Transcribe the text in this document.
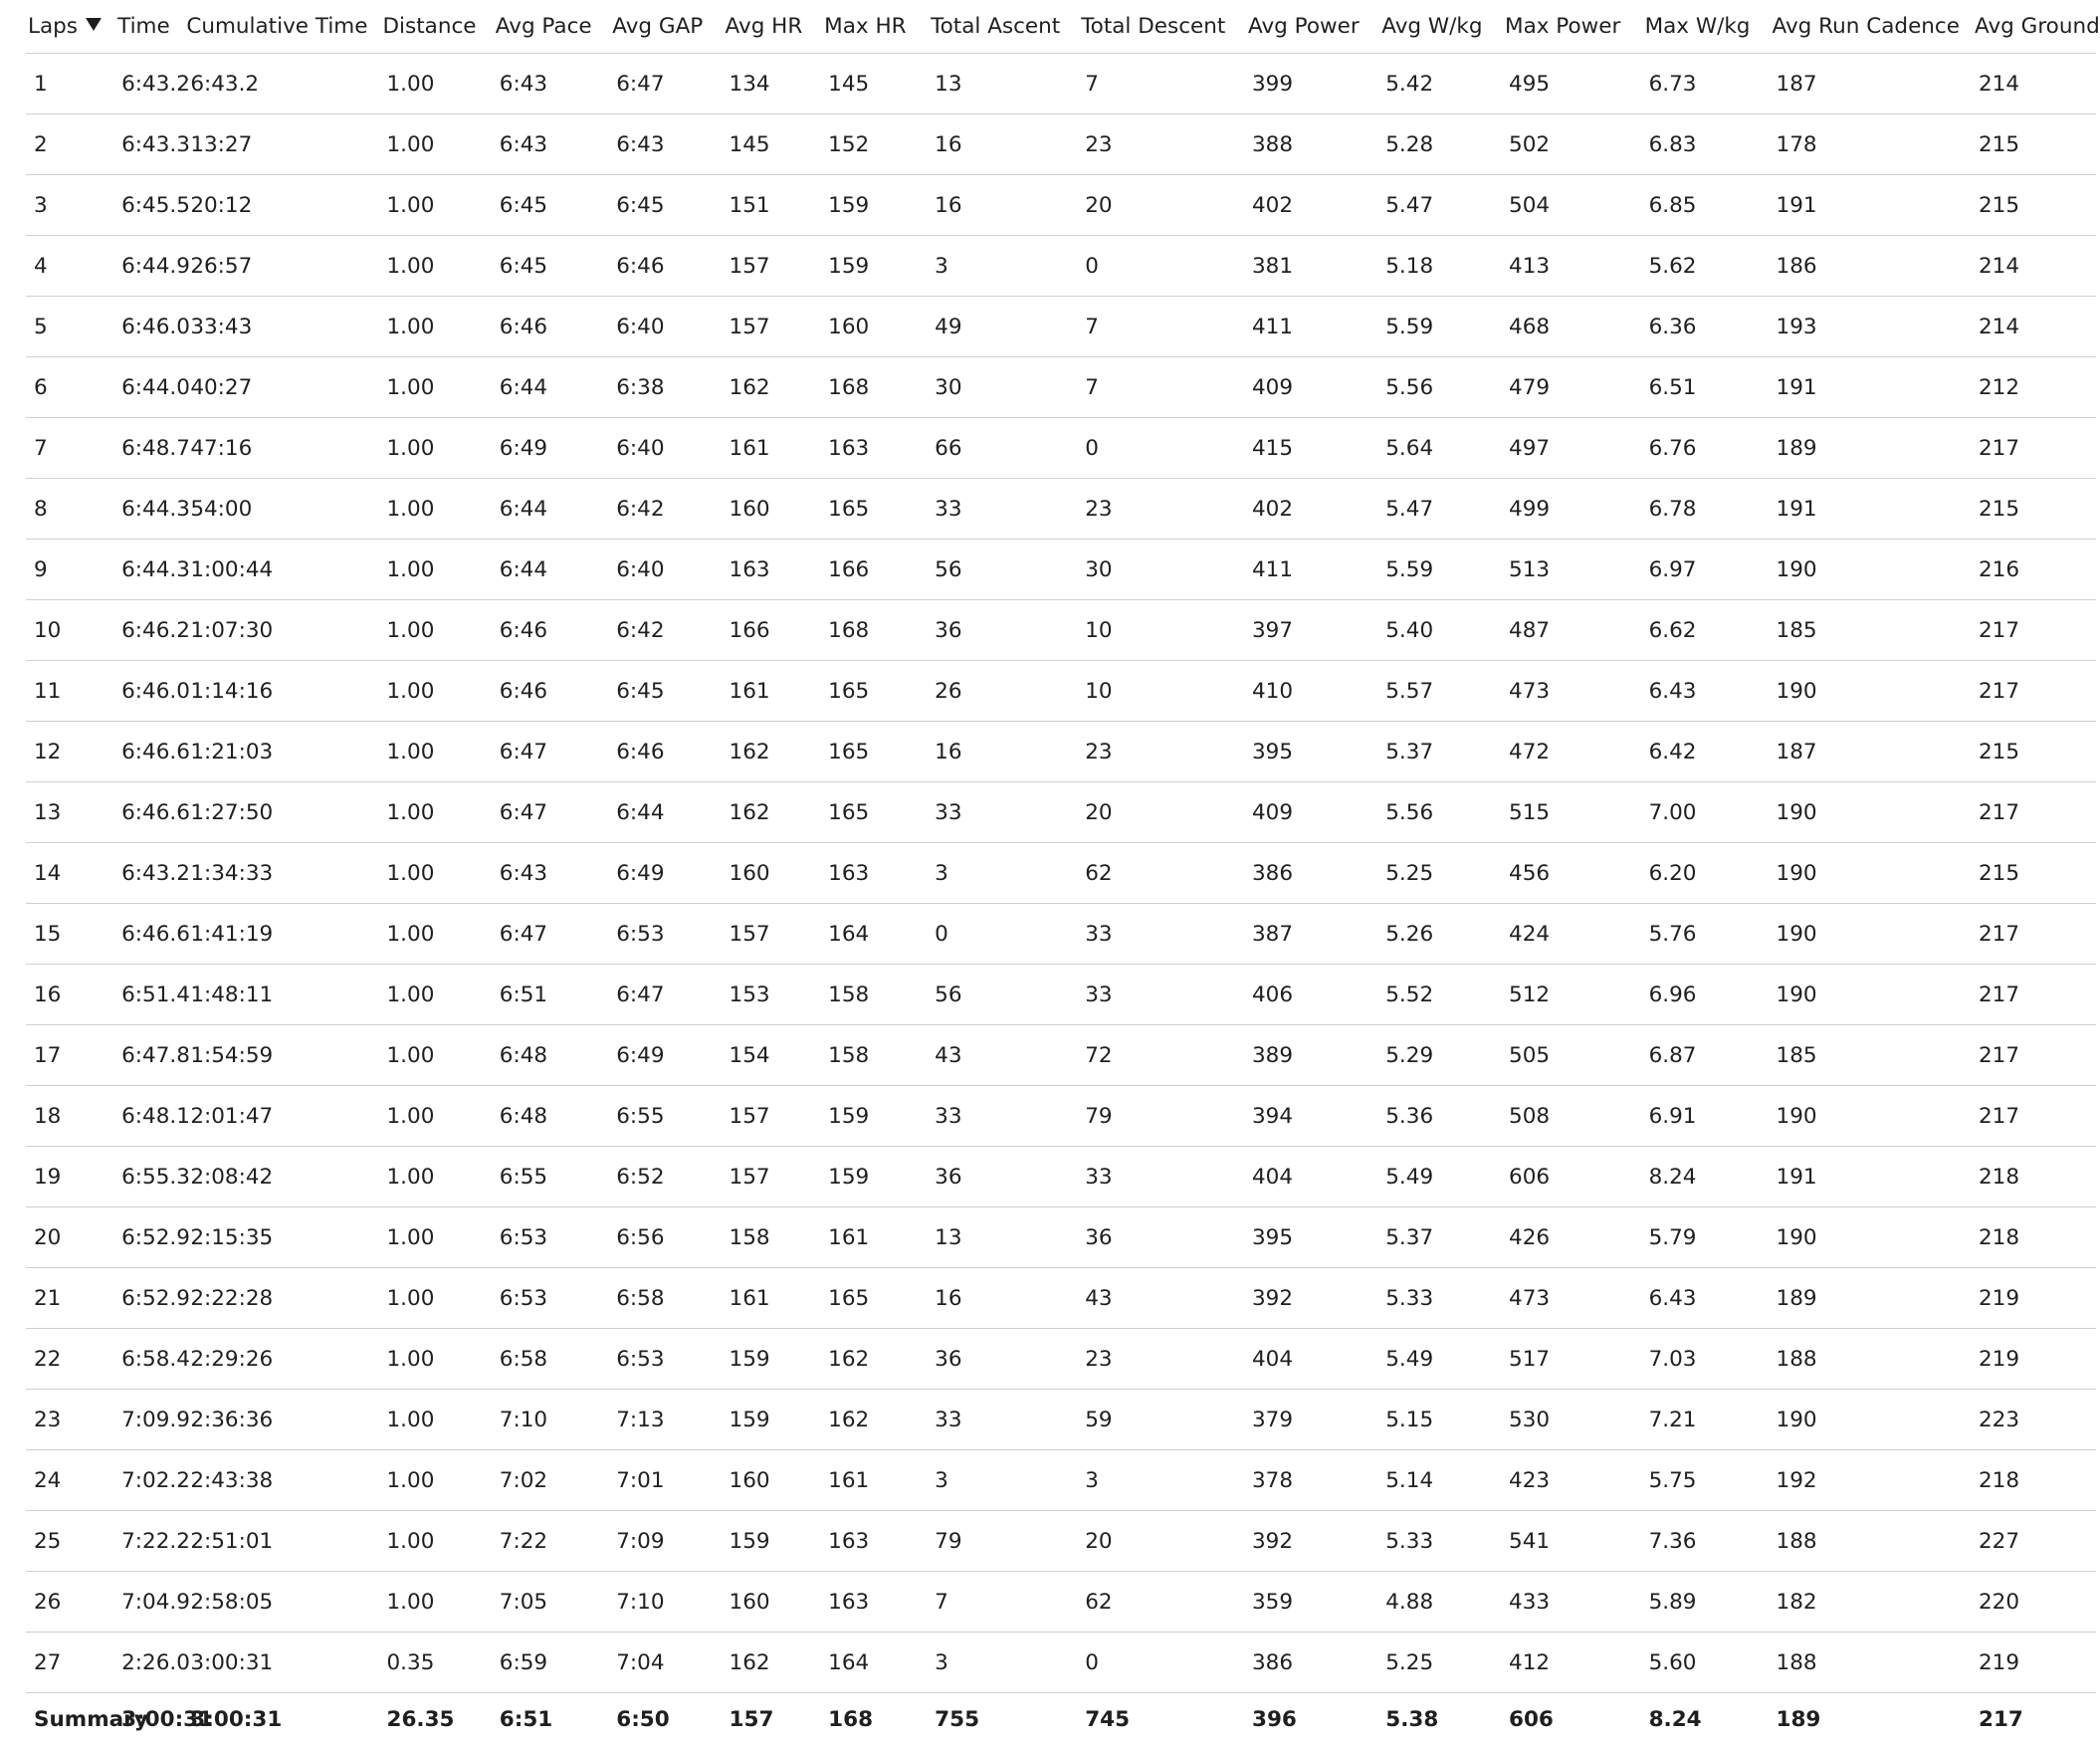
Laps	Time	Cumulative Time	Distance	Avg Pace	Avg GAP	Avg HR	Max HR	Total Ascent	Total Descent	Avg Power	Avg W/kg	Max Power	Max W/kg	Avg Run Cadence	Avg Ground
1	6:43.2	6:43.2	1.00	6:43	6:47	134	145	13	7	399	5.42	495	6.73	187	214
2	6:43.3	13:27	1.00	6:43	6:43	145	152	16	23	388	5.28	502	6.83	178	215
3	6:45.5	20:12	1.00	6:45	6:45	151	159	16	20	402	5.47	504	6.85	191	215
4	6:44.9	26:57	1.00	6:45	6:46	157	159	3	0	381	5.18	413	5.62	186	214
5	6:46.0	33:43	1.00	6:46	6:40	157	160	49	7	411	5.59	468	6.36	193	214
6	6:44.0	40:27	1.00	6:44	6:38	162	168	30	7	409	5.56	479	6.51	191	212
7	6:48.7	47:16	1.00	6:49	6:40	161	163	66	0	415	5.64	497	6.76	189	217
8	6:44.3	54:00	1.00	6:44	6:42	160	165	33	23	402	5.47	499	6.78	191	215
9	6:44.3	1:00:44	1.00	6:44	6:40	163	166	56	30	411	5.59	513	6.97	190	216
10	6:46.2	1:07:30	1.00	6:46	6:42	166	168	36	10	397	5.40	487	6.62	185	217
11	6:46.0	1:14:16	1.00	6:46	6:45	161	165	26	10	410	5.57	473	6.43	190	217
12	6:46.6	1:21:03	1.00	6:47	6:46	162	165	16	23	395	5.37	472	6.42	187	215
13	6:46.6	1:27:50	1.00	6:47	6:44	162	165	33	20	409	5.56	515	7.00	190	217
14	6:43.2	1:34:33	1.00	6:43	6:49	160	163	3	62	386	5.25	456	6.20	190	215
15	6:46.6	1:41:19	1.00	6:47	6:53	157	164	0	33	387	5.26	424	5.76	190	217
16	6:51.4	1:48:11	1.00	6:51	6:47	153	158	56	33	406	5.52	512	6.96	190	217
17	6:47.8	1:54:59	1.00	6:48	6:49	154	158	43	72	389	5.29	505	6.87	185	217
18	6:48.1	2:01:47	1.00	6:48	6:55	157	159	33	79	394	5.36	508	6.91	190	217
19	6:55.3	2:08:42	1.00	6:55	6:52	157	159	36	33	404	5.49	606	8.24	191	218
20	6:52.9	2:15:35	1.00	6:53	6:56	158	161	13	36	395	5.37	426	5.79	190	218
21	6:52.9	2:22:28	1.00	6:53	6:58	161	165	16	43	392	5.33	473	6.43	189	219
22	6:58.4	2:29:26	1.00	6:58	6:53	159	162	36	23	404	5.49	517	7.03	188	219
23	7:09.9	2:36:36	1.00	7:10	7:13	159	162	33	59	379	5.15	530	7.21	190	223
24	7:02.2	2:43:38	1.00	7:02	7:01	160	161	3	3	378	5.14	423	5.75	192	218
25	7:22.2	2:51:01	1.00	7:22	7:09	159	163	79	20	392	5.33	541	7.36	188	227
26	7:04.9	2:58:05	1.00	7:05	7:10	160	163	7	62	359	4.88	433	5.89	182	220
27	2:26.0	3:00:31	0.35	6:59	7:04	162	164	3	0	386	5.25	412	5.60	188	219
Summary	3:00:31	3:00:31	26.35	6:51	6:50	157	168	755	745	396	5.38	606	8.24	189	217
